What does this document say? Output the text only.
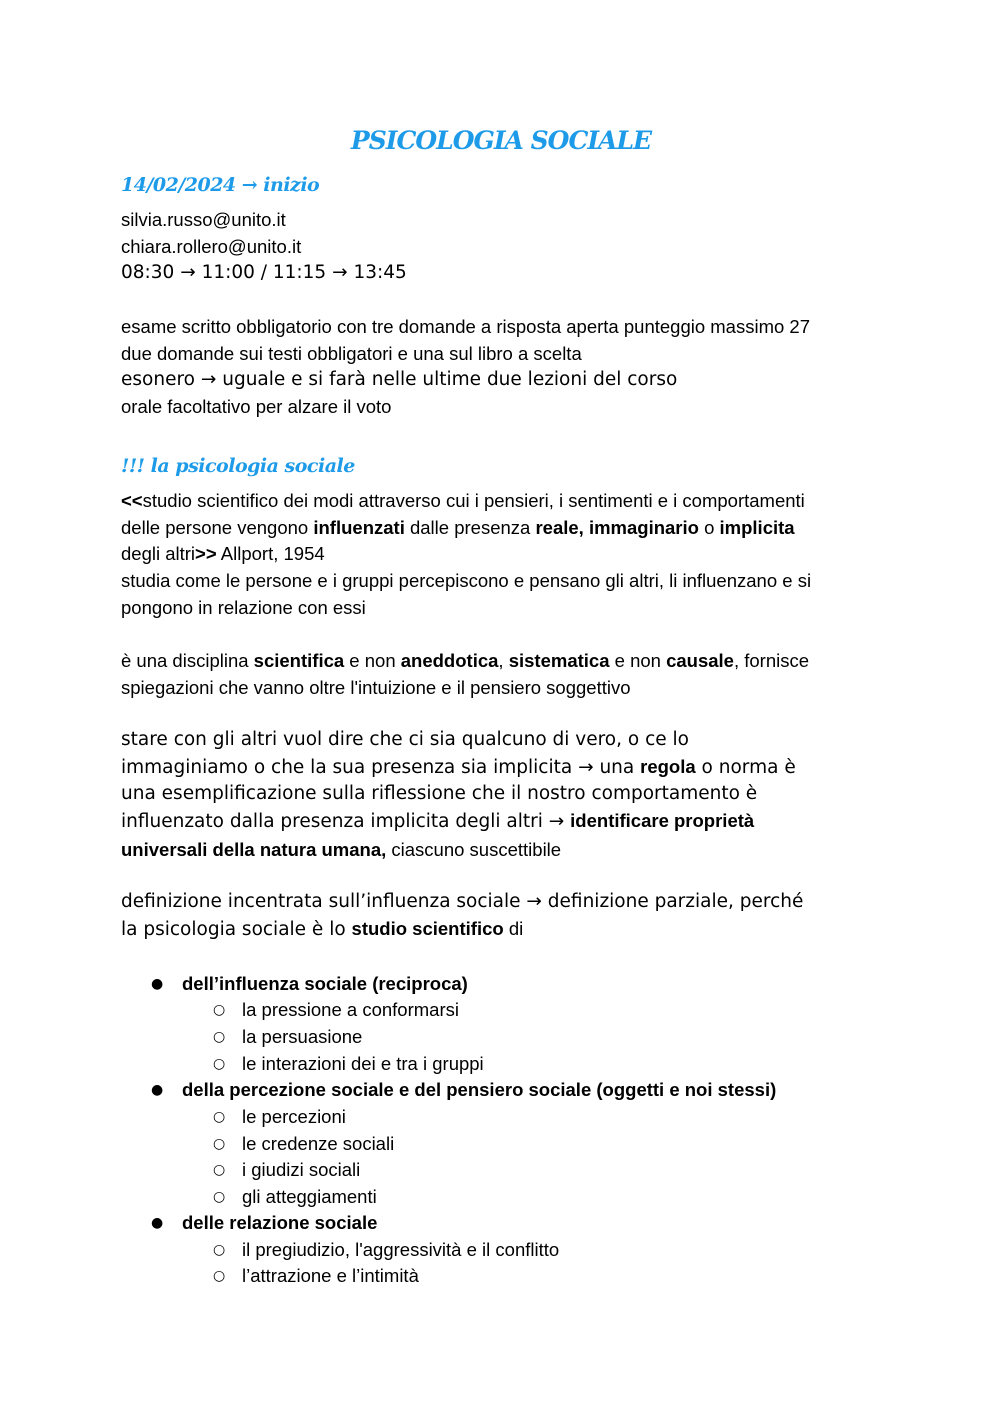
PSICOLOGIA SOCIALE
14/02/2024 → inizio
silvia.russo@unito.it
chiara.rollero@unito.it
08:30 → 11:00 / 11:15 → 13:45
esame scritto obbligatorio con tre domande a risposta aperta punteggio massimo 27
due domande sui testi obbligatori e una sul libro a scelta
esonero → uguale e si farà nelle ultime due lezioni del corso
orale facoltativo per alzare il voto
!!! la psicologia sociale
<<studio scientifico dei modi attraverso cui i pensieri, i sentimenti e i comportamenti
delle persone vengono influenzati dalle presenza reale, immaginario o implicita
degli altri>> Allport, 1954
studia come le persone e i gruppi percepiscono e pensano gli altri, li influenzano e si
pongono in relazione con essi
è una disciplina scientifica e non aneddotica, sistematica e non causale, fornisce
spiegazioni che vanno oltre l'intuizione e il pensiero soggettivo
stare con gli altri vuol dire che ci sia qualcuno di vero, o ce lo
immaginiamo o che la sua presenza sia implicita → una regola o norma è
una esemplificazione sulla riflessione che il nostro comportamento è
influenzato dalla presenza implicita degli altri → identificare proprietà
universali della natura umana, ciascuno suscettibile
definizione incentrata sull’influenza sociale → definizione parziale, perché
la psicologia sociale è lo studio scientifico di
● dell’influenza sociale (reciproca)
○ la pressione a conformarsi
○ la persuasione
○ le interazioni dei e tra i gruppi
● della percezione sociale e del pensiero sociale (oggetti e noi stessi)
○ le percezioni
○ le credenze sociali
○ i giudizi sociali
○ gli atteggiamenti
● delle relazione sociale
○ il pregiudizio, l'aggressività e il conflitto
○ l’attrazione e l’intimità
